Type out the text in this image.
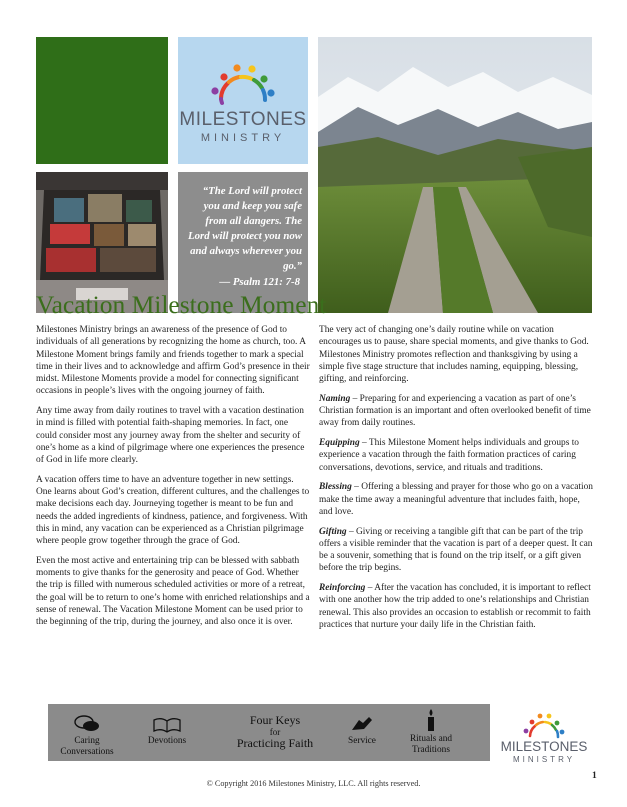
MILESTONES
MINISTRY
“The Lord will protect you and keep you safe from all dangers. The Lord will protect you now and always wherever you go.”
— Psalm 121: 7-8
Vacation Milestone Moment

Milestones Ministry brings an awareness of the presence of God to individuals of all generations by recognizing the home as church, too. A Milestone Moment brings family and friends together to mark a special time in their lives and to acknowledge and affirm God’s presence in their midst. Milestone Moments provide a model for connecting significant occasions in people’s lives with the ongoing journey of faith.

Any time away from daily routines to travel with a vacation destination in mind is filled with potential faith-shaping memories. In fact, one could consider most any journey away from the shelter and security of one’s home as a kind of pilgrimage where one experiences the presence of God in life more clearly.

A vacation offers time to have an adventure together in new settings. One learns about God’s creation, different cultures, and the challenges to make decisions each day. Journeying together is meant to be fun and needs the added ingredients of kindness, patience, and forgiveness. With this in mind, any vacation can be experienced as a Christian pilgrimage where people grow together through the grace of God.

Even the most active and entertaining trip can be blessed with sabbath moments to give thanks for the generosity and peace of God. Whether the trip is filled with numerous scheduled activities or more of a retreat, the goal will be to return to one’s home with enriched relationships and a sense of renewal. The Vacation Milestone Moment can be used prior to the beginning of the trip, during the journey, and also once it is over.

The very act of changing one’s daily routine while on vacation encourages us to pause, share special moments, and give thanks to God. Milestones Ministry promotes reflection and thanksgiving by using a simple five stage structure that includes naming, equipping, blessing, gifting, and reinforcing.

Naming – Preparing for and experiencing a vacation as part of one’s Christian formation is an important and often overlooked benefit of time away from daily routines.

Equipping – This Milestone Moment helps individuals and groups to experience a vacation through the faith formation practices of caring conversations, devotions, service, and rituals and traditions.

Blessing – Offering a blessing and prayer for those who go on a vacation make the time away a meaningful adventure that includes faith, hope, and love.

Gifting – Giving or receiving a tangible gift that can be part of the trip offers a visible reminder that the vacation is part of a deeper quest. It can be a souvenir, something that is found on the trip itself, or a gift given before the trip begins.

Reinforcing – After the vacation has concluded, it is important to reflect with one another how the trip added to one’s relationships and Christian renewal. This also provides an occasion to establish or recommit to faith practices that nurture your daily life in the Christian faith.

Caring Conversations
Devotions
Four Keys
for
Practicing Faith	Service	Rituals and Traditions	MILESTONES
MINISTRY
© Copyright 2016 Milestones Ministry, LLC. All rights reserved.
1
